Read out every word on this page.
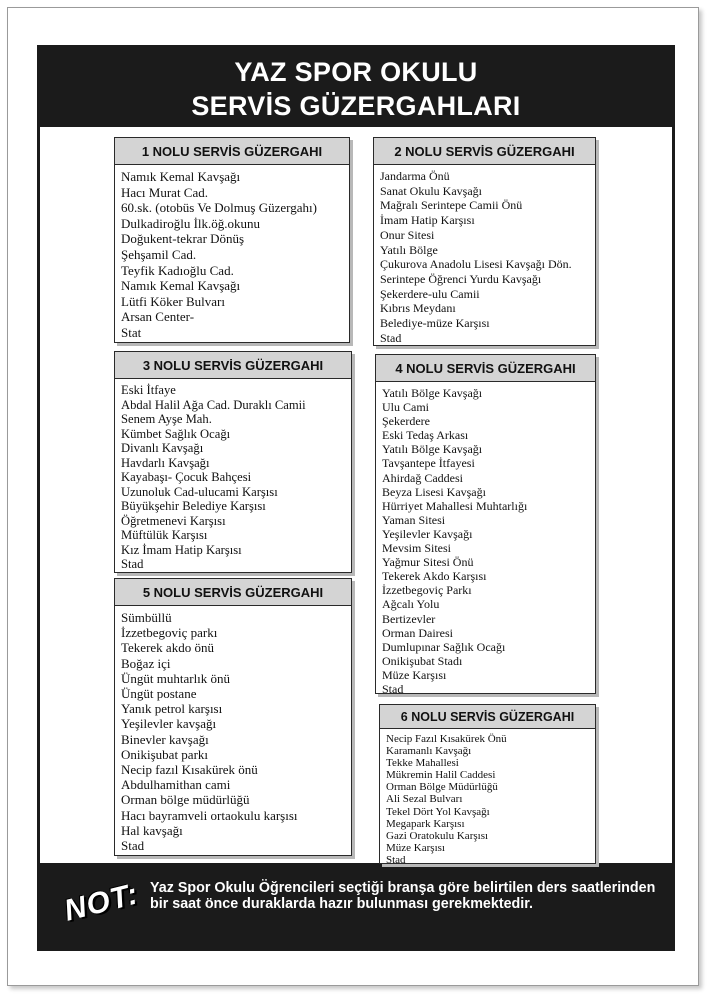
YAZ SPOR OKULU
SERVİS GÜZERGAHLARI
1 NOLU SERVİS GÜZERGAHI
Namık Kemal Kavşağı
Hacı Murat Cad.
60.sk. (otobüs Ve Dolmuş Güzergahı)
Dulkadiroğlu İlk.öğ.okunu
Doğukent-tekrar Dönüş
Şehşamil Cad.
Teyfik Kadıoğlu Cad.
Namık Kemal Kavşağı
Lütfi Köker Bulvarı
Arsan Center-
Stat
2 NOLU SERVİS GÜZERGAHI
Jandarma Önü
Sanat Okulu Kavşağı
Mağralı Serintepe Camii Önü
İmam Hatip Karşısı
Onur Sitesi
Yatılı Bölge
Çukurova Anadolu Lisesi Kavşağı Dön.
Serintepe Öğrenci Yurdu Kavşağı
Şekerdere-ulu Camii
Kıbrıs Meydanı
Belediye-müze Karşısı
Stad
3 NOLU SERVİS GÜZERGAHI
Eski İtfaye
Abdal Halil Ağa Cad. Duraklı Camii
Senem Ayşe Mah.
Kümbet Sağlık Ocağı
Divanlı Kavşağı
Havdarlı Kavşağı
Kayabaşı- Çocuk Bahçesi
Uzunoluk Cad-ulucami Karşısı
Büyükşehir Belediye Karşısı
Öğretmenevi Karşısı
Müftülük Karşısı
Kız İmam Hatip Karşısı
Stad
4 NOLU SERVİS GÜZERGAHI
Yatılı Bölge Kavşağı
Ulu Cami
Şekerdere
Eski Tedaş Arkası
Yatılı Bölge Kavşağı
Tavşantepe İtfayesi
Ahirdağ Caddesi
Beyza Lisesi Kavşağı
Hürriyet Mahallesi Muhtarlığı
Yaman Sitesi
Yeşilevler Kavşağı
Mevsim Sitesi
Yağmur Sitesi Önü
Tekerek Akdo Karşısı
İzzetbegoviç Parkı
Ağcalı Yolu
Bertizevler
Orman Dairesi
Dumlupınar Sağlık Ocağı
Onikişubat Stadı
Müze Karşısı
Stad
5 NOLU SERVİS GÜZERGAHI
Sümbüllü
İzzetbegoviç parkı
Tekerek akdo önü
Boğaz içi
Üngüt muhtarlık önü
Üngüt postane
Yanık petrol karşısı
Yeşilevler kavşağı
Binevler kavşağı
Onikişubat parkı
Necip fazıl Kısakürek önü
Abdulhamithan cami
Orman bölge müdürlüğü
Hacı bayramveli ortaokulu karşısı
Hal kavşağı
Stad
6 NOLU SERVİS GÜZERGAHI
Necip Fazıl Kısakürek Önü
Karamanlı Kavşağı
Tekke Mahallesi
Mükremin Halil Caddesi
Orman Bölge Müdürlüğü
Ali Sezal Bulvarı
Tekel Dört Yol Kavşağı
Megapark Karşısı
Gazi Oratokulu Karşısı
Müze Karşısı
Stad
NOT: Yaz Spor Okulu Öğrencileri seçtiği branşa göre belirtilen ders saatlerinden bir saat önce duraklarda hazır bulunması gerekmektedir.
